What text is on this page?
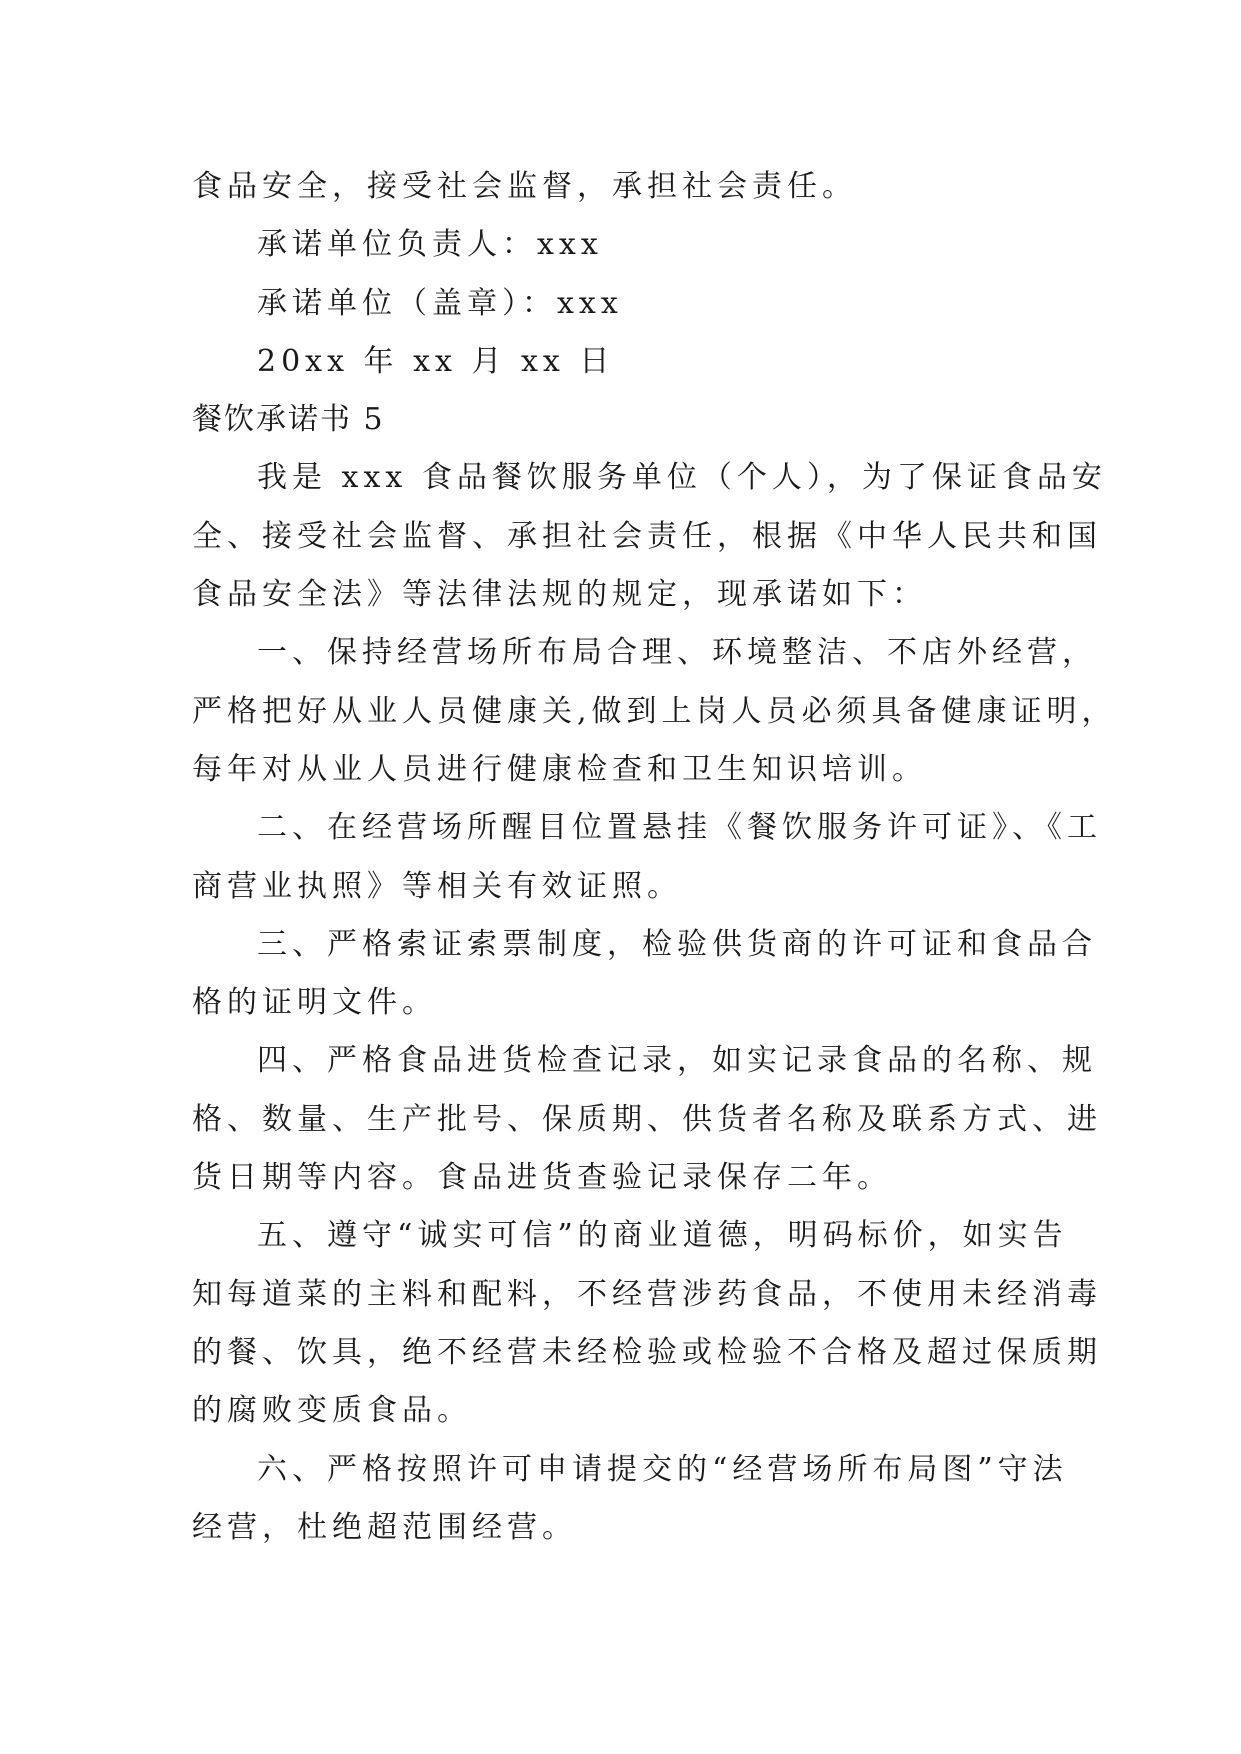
食品安全，接受社会监督，承担社会责任。
承诺单位负责人：xxx
承诺单位（盖章）：xxx
20xx 年 xx 月 xx 日
餐饮承诺书 5
我是 xxx 食品餐饮服务单位（个人），为了保证食品安
全、接受社会监督、承担社会责任，根据《中华人民共和国
食品安全法》等法律法规的规定，现承诺如下：
一、保持经营场所布局合理、环境整洁、不店外经营，
严格把好从业人员健康关,做到上岗人员必须具备健康证明，
每年对从业人员进行健康检查和卫生知识培训。
二、在经营场所醒目位置悬挂《餐饮服务许可证》、《工
商营业执照》等相关有效证照。
三、严格索证索票制度，检验供货商的许可证和食品合
格的证明文件。
四、严格食品进货检查记录，如实记录食品的名称、规
格、数量、生产批号、保质期、供货者名称及联系方式、进
货日期等内容。食品进货查验记录保存二年。
五、遵守“诚实可信”的商业道德，明码标价，如实告
知每道菜的主料和配料，不经营涉药食品，不使用未经消毒
的餐、饮具，绝不经营未经检验或检验不合格及超过保质期
的腐败变质食品。
六、严格按照许可申请提交的“经营场所布局图”守法
经营，杜绝超范围经营。
